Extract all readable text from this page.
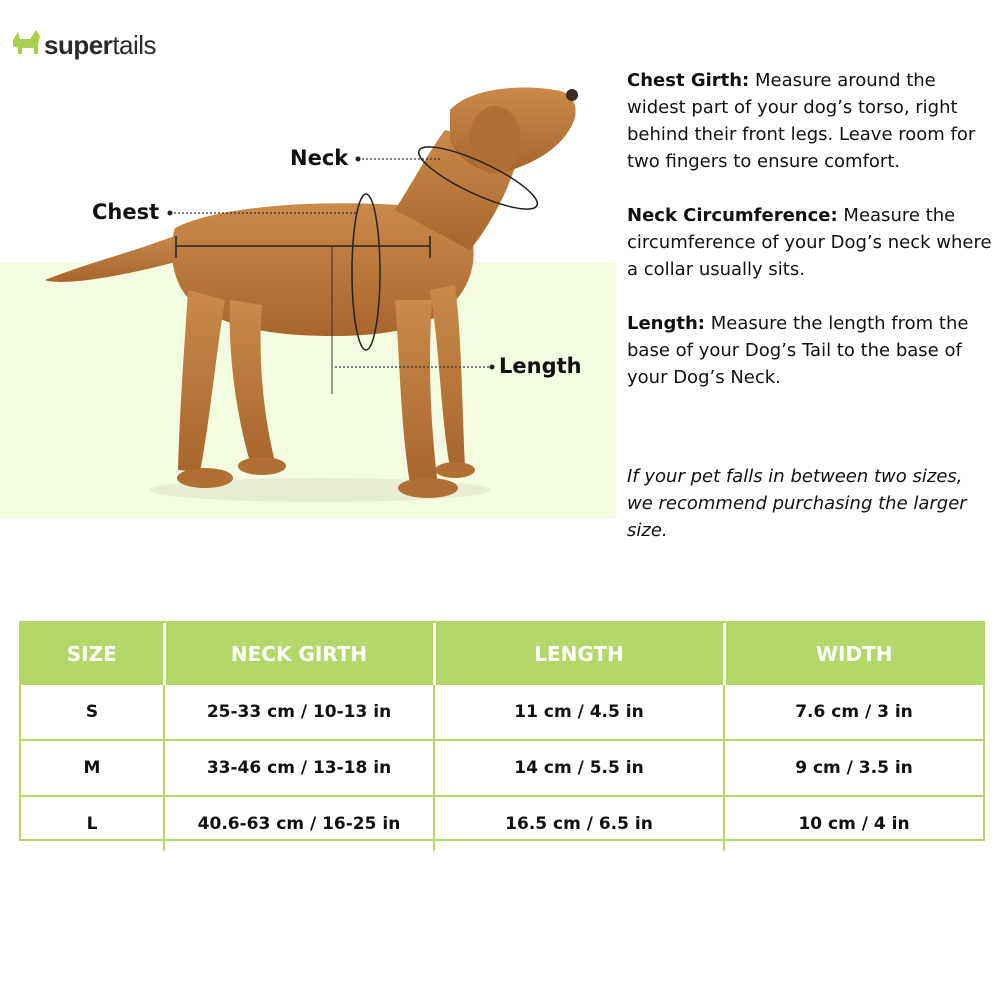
supertails
Neck
Chest
Length
Chest Girth: Measure around the widest part of your dog’s torso, right behind their front legs. Leave room for two fingers to ensure comfort.
Neck Circumference: Measure the circumference of your Dog’s neck where a collar usually sits.
Length: Measure the length from the base of your Dog’s Tail to the base of your Dog’s Neck.
If your pet falls in between two sizes, we recommend purchasing the larger size.
SIZE	NECK GIRTH	LENGTH	WIDTH
S	25-33 cm / 10-13 in	11 cm / 4.5 in	7.6 cm / 3 in
M	33-46 cm / 13-18 in	14 cm / 5.5 in	9 cm / 3.5 in
L	40.6-63 cm / 16-25 in	16.5 cm / 6.5 in	10 cm / 4 in
